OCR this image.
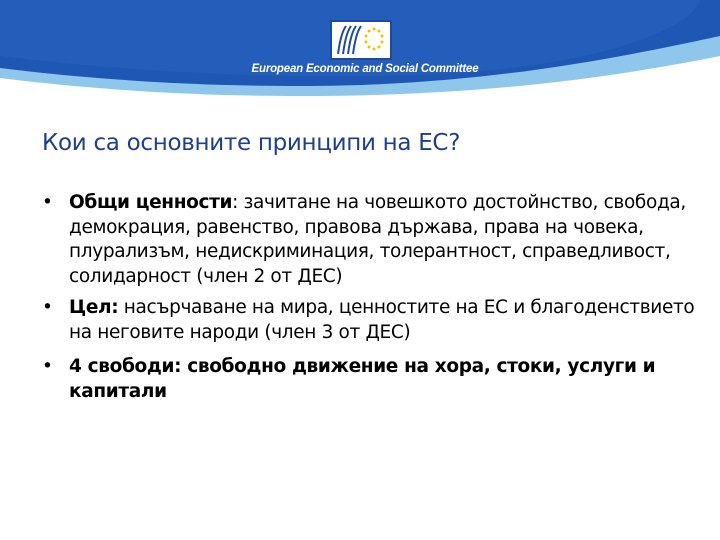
European Economic and Social Committee
Кои са основните принципи на ЕС?
• Общи ценности: зачитане на човешкото достойнство, свобода, демокрация, равенство, правова държава, права на човека, плурализъм, недискриминация, толерантност, справедливост, солидарност (член 2 от ДЕС)
• Цел: насърчаване на мира, ценностите на ЕС и благоденствието на неговите народи (член 3 от ДЕС)
• 4 свободи: свободно движение на хора, стоки, услуги и капитали
